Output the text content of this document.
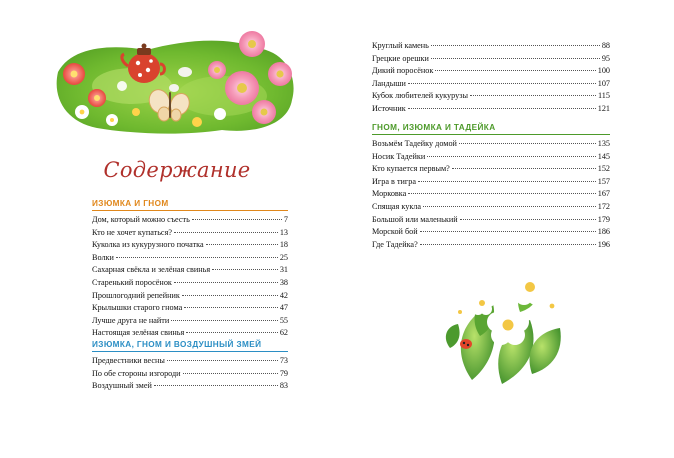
Содержание
ИЗЮМКА И ГНОМ
Дом, который можно съесть	7
Кто не хочет купаться?	13
Куколка из кукурузного початка	18
Волки	25
Сахарная свёкла и зелёная свинья	31
Старенький поросёнок	38
Прошлогодний репейник	42
Крылышки старого гнома	47
Лучше друга не найти	55
Настоящая зелёная свинья	62
ИЗЮМКА, ГНОМ И ВОЗДУШНЫЙ ЗМЕЙ
Предвестники весны	73
По обе стороны изгороди	79
Воздушный змей	83
Круглый камень	88
Грецкие орешки	95
Дикий поросёнок	100
Ландыши	107
Кубок любителей кукурузы	115
Источник	121
ГНОМ, ИЗЮМКА И ТАДЕЙКА
Возьмём Тадейку домой	135
Носик Тадейки	145
Кто купается первым?	152
Игра в тигра	157
Морковка	167
Спящая кукла	172
Большой или маленький	179
Морской бой	186
Где Тадейка?	196
